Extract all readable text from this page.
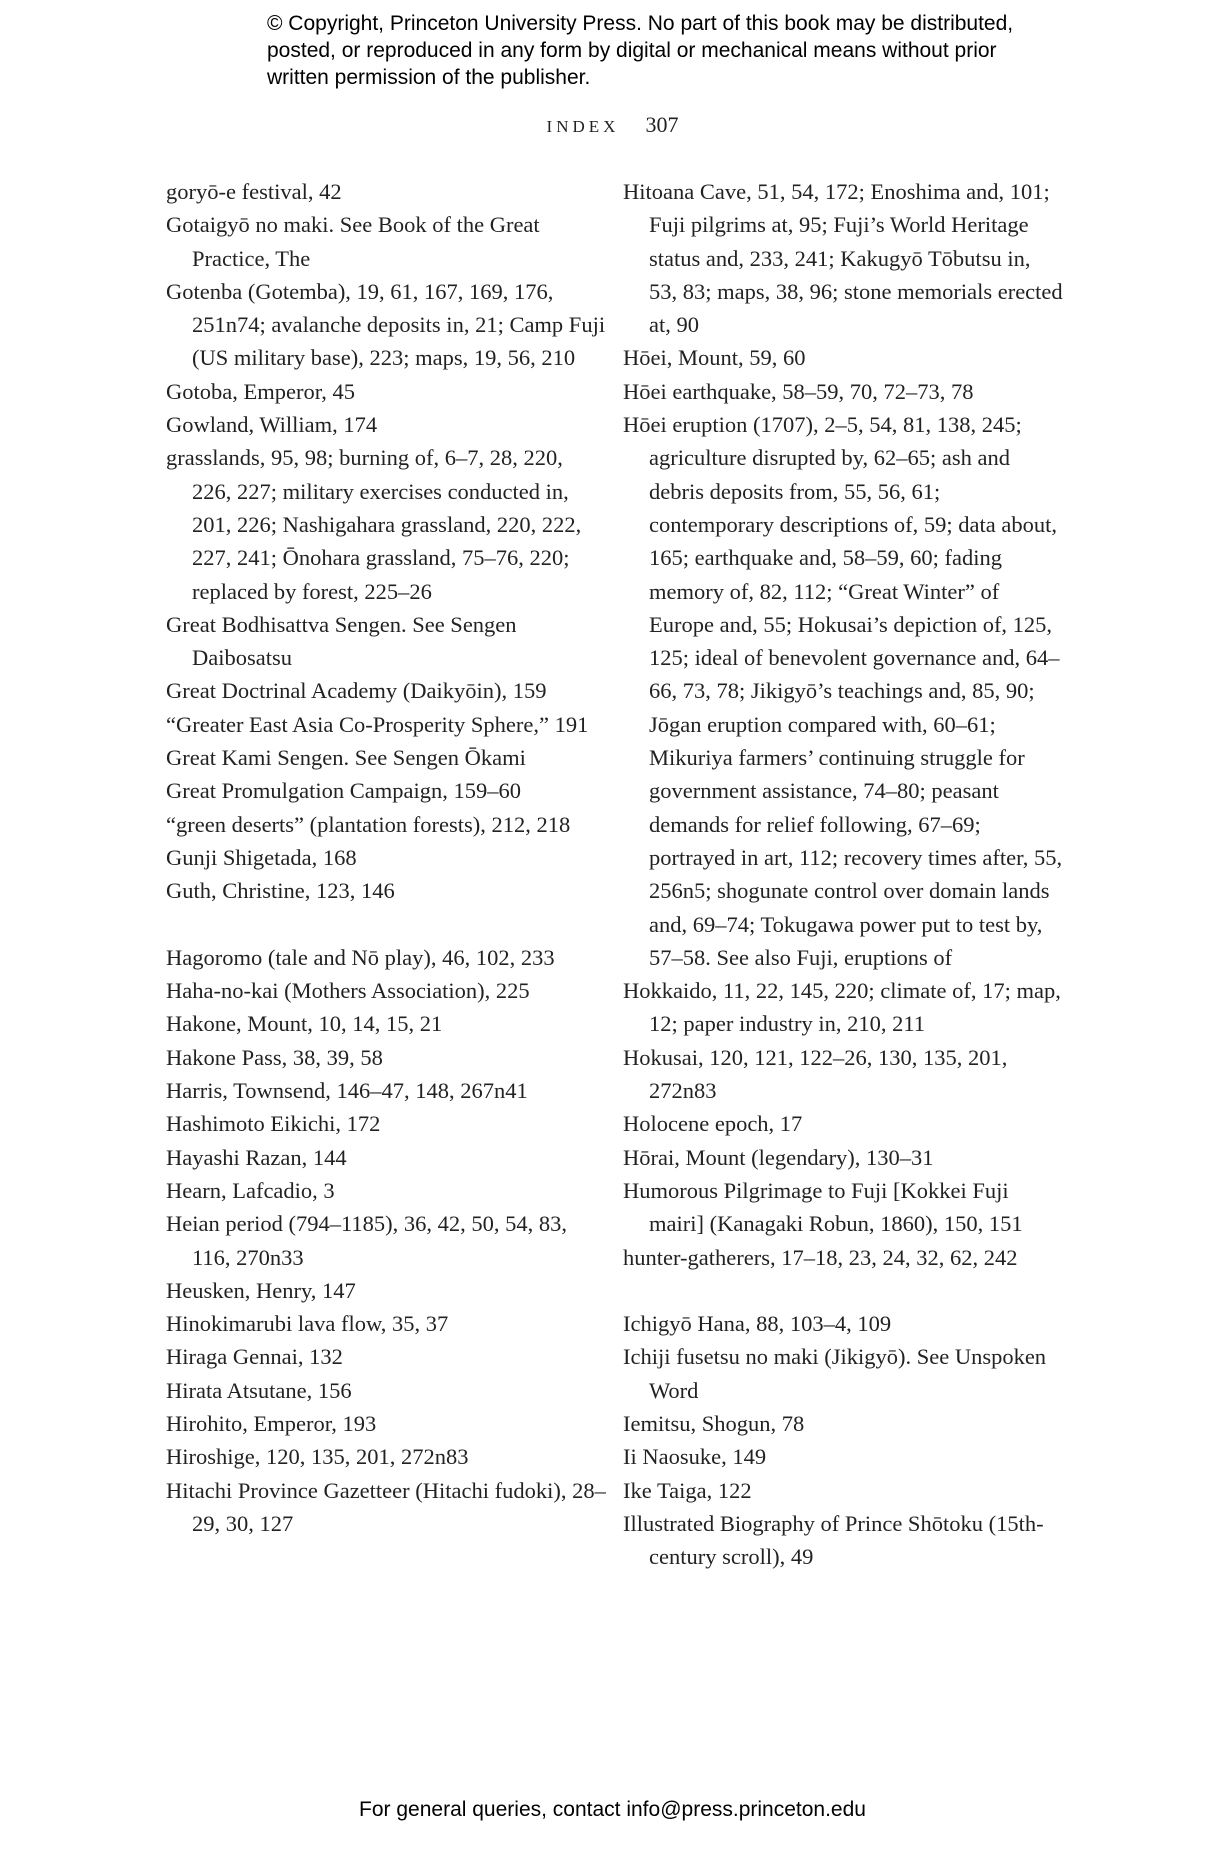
© Copyright, Princeton University Press. No part of this book may be distributed, posted, or reproduced in any form by digital or mechanical means without prior written permission of the publisher.
INDEX 307
goryō-e festival, 42
Gotaigyō no maki. See Book of the Great Practice, The
Gotenba (Gotemba), 19, 61, 167, 169, 176, 251n74; avalanche deposits in, 21; Camp Fuji (US military base), 223; maps, 19, 56, 210
Gotoba, Emperor, 45
Gowland, William, 174
grasslands, 95, 98; burning of, 6–7, 28, 220, 226, 227; military exercises conducted in, 201, 226; Nashigahara grassland, 220, 222, 227, 241; Ōnohara grassland, 75–76, 220; replaced by forest, 225–26
Great Bodhisattva Sengen. See Sengen Daibosatsu
Great Doctrinal Academy (Daikyōin), 159
“Greater East Asia Co-Prosperity Sphere,” 191
Great Kami Sengen. See Sengen Ōkami
Great Promulgation Campaign, 159–60
“green deserts” (plantation forests), 212, 218
Gunji Shigetada, 168
Guth, Christine, 123, 146
Hagoromo (tale and Nō play), 46, 102, 233
Haha-no-kai (Mothers Association), 225
Hakone, Mount, 10, 14, 15, 21
Hakone Pass, 38, 39, 58
Harris, Townsend, 146–47, 148, 267n41
Hashimoto Eikichi, 172
Hayashi Razan, 144
Hearn, Lafcadio, 3
Heian period (794–1185), 36, 42, 50, 54, 83, 116, 270n33
Heusken, Henry, 147
Hinokimarubi lava flow, 35, 37
Hiraga Gennai, 132
Hirata Atsutane, 156
Hirohito, Emperor, 193
Hiroshige, 120, 135, 201, 272n83
Hitachi Province Gazetteer (Hitachi fudoki), 28–29, 30, 127
Hitoana Cave, 51, 54, 172; Enoshima and, 101; Fuji pilgrims at, 95; Fuji’s World Heritage status and, 233, 241; Kakugyō Tōbutsu in, 53, 83; maps, 38, 96; stone memorials erected at, 90
Hōei, Mount, 59, 60
Hōei earthquake, 58–59, 70, 72–73, 78
Hōei eruption (1707), 2–5, 54, 81, 138, 245; agriculture disrupted by, 62–65; ash and debris deposits from, 55, 56, 61; contemporary descriptions of, 59; data about, 165; earthquake and, 58–59, 60; fading memory of, 82, 112; “Great Winter” of Europe and, 55; Hokusai’s depiction of, 125, 125; ideal of benevolent governance and, 64–66, 73, 78; Jikigyō’s teachings and, 85, 90; Jōgan eruption compared with, 60–61; Mikuriya farmers’ continuing struggle for government assistance, 74–80; peasant demands for relief following, 67–69; portrayed in art, 112; recovery times after, 55, 256n5; shogunate control over domain lands and, 69–74; Tokugawa power put to test by, 57–58. See also Fuji, eruptions of
Hokkaido, 11, 22, 145, 220; climate of, 17; map, 12; paper industry in, 210, 211
Hokusai, 120, 121, 122–26, 130, 135, 201, 272n83
Holocene epoch, 17
Hōrai, Mount (legendary), 130–31
Humorous Pilgrimage to Fuji [Kokkei Fuji mairi] (Kanagaki Robun, 1860), 150, 151
hunter-gatherers, 17–18, 23, 24, 32, 62, 242
Ichigyō Hana, 88, 103–4, 109
Ichiji fusetsu no maki (Jikigyō). See Unspoken Word
Iemitsu, Shogun, 78
Ii Naosuke, 149
Ike Taiga, 122
Illustrated Biography of Prince Shōtoku (15th-century scroll), 49
For general queries, contact info@press.princeton.edu
